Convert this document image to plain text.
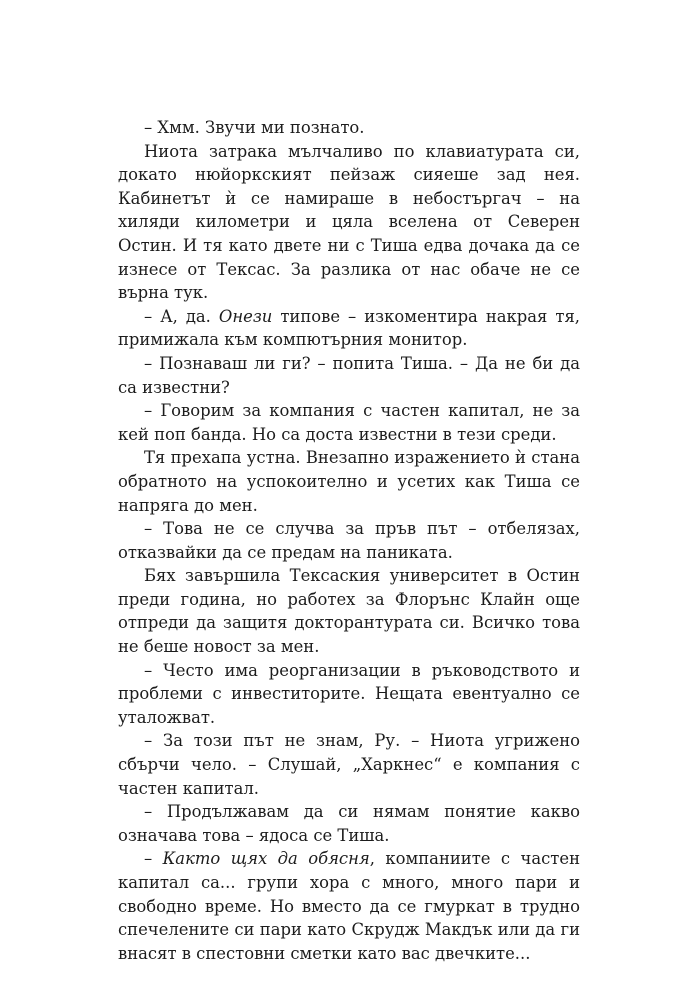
– Хмм. Звучи ми познато.

Ниота затрака мълчаливо по клавиатурата си, докато нюйоркският пейзаж сияеше зад нея. Кабинетът ѝ се намираше в небостъргач – на хиляди километри и цяла вселена от Северен Остин. И тя като двете ни с Тиша едва дочака да се изнесе от Тексас. За разлика от нас обаче не се върна тук.

– А, да. Онези типове – изкоментира накрая тя, примижала към компютърния монитор.

– Познаваш ли ги? – попита Тиша. – Да не би да са известни?

– Говорим за компания с частен капитал, не за кей поп банда. Но са доста известни в тези среди.

Тя прехапа устна. Внезапно изражението ѝ стана обратното на успокоително и усетих как Тиша се напряга до мен.

– Това не се случва за пръв път – отбелязах, отказвайки да се предам на паниката.

Бях завършила Тексаския университет в Остин преди година, но работех за Флорънс Клайн още отпреди да защитя докторантурата си. Всичко това не беше новост за мен.

– Често има реорганизации в ръководството и проблеми с инвеститорите. Нещата евентуално се уталожват.

– За този път не знам, Ру. – Ниота угрижено сбърчи чело. – Слушай, „Харкнес“ е компания с частен капитал.

– Продължавам да си нямам понятие какво означава това – ядоса се Тиша.

– Както щях да обясня, компаниите с частен капитал са... групи хора с много, много пари и свободно време. Но вместо да се гмуркат в трудно спечелените си пари като Скрудж Макдък или да ги внасят в спестовни сметки като вас двечките...
